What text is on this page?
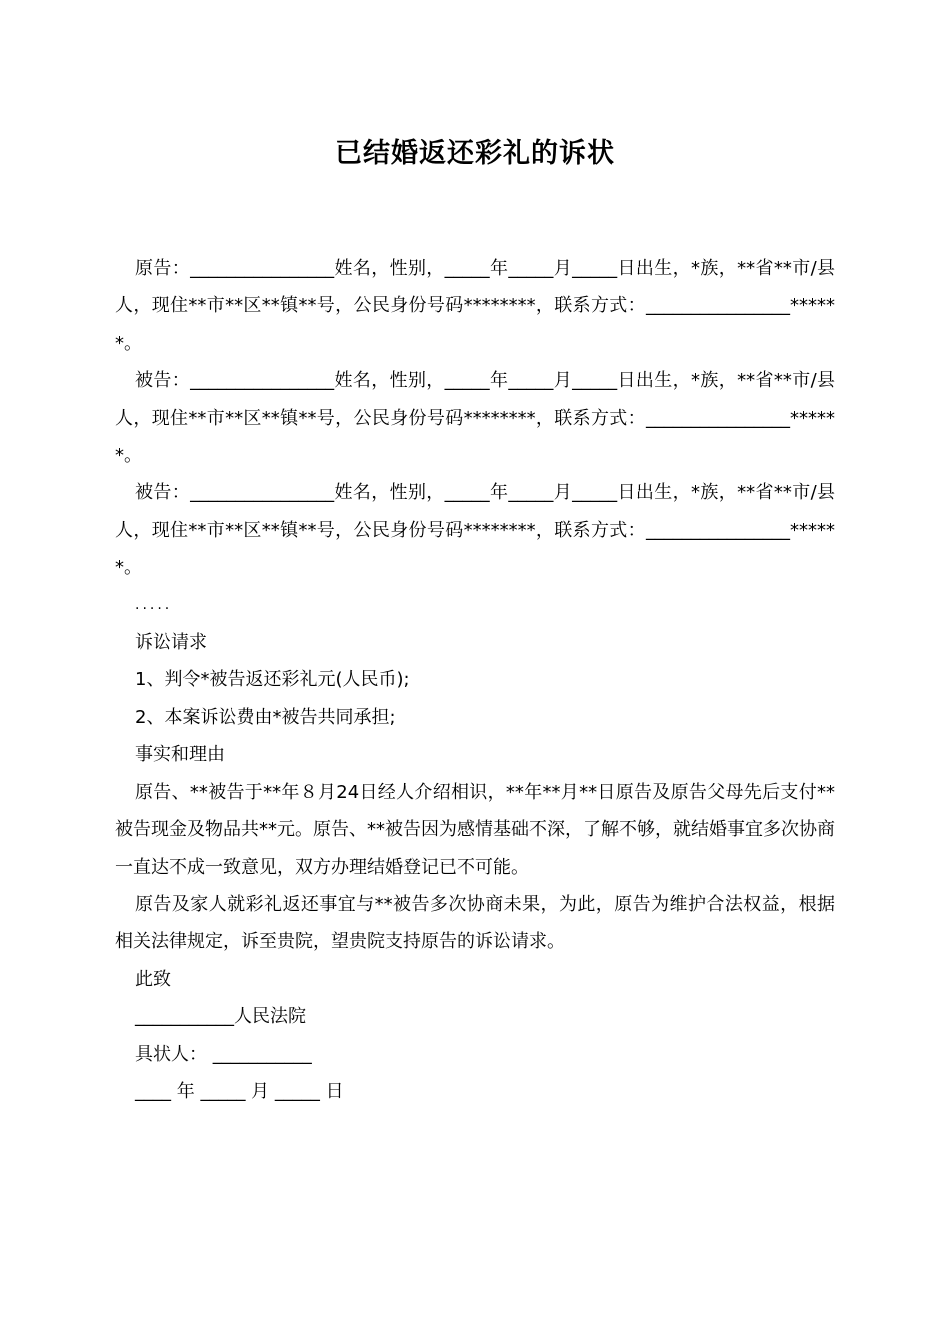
已结婚返还彩礼的诉状

原告：________________姓名，性别，_____年_____月_____日出生，*族，**省**市/县人，现住**市**区**镇**号，公民身份号码********，联系方式：________________******。

被告：________________姓名，性别，_____年_____月_____日出生，*族，**省**市/县人，现住**市**区**镇**号，公民身份号码********，联系方式：________________******。

被告：________________姓名，性别，_____年_____月_____日出生，*族，**省**市/县人，现住**市**区**镇**号，公民身份号码********，联系方式：________________******。

.....

诉讼请求

1、判令*被告返还彩礼元(人民币);

2、本案诉讼费由*被告共同承担;

事实和理由

原告、**被告于**年８月24日经人介绍相识，**年**月**日原告及原告父母先后支付**被告现金及物品共**元。原告、**被告因为感情基础不深，了解不够，就结婚事宜多次协商一直达不成一致意见，双方办理结婚登记已不可能。

原告及家人就彩礼返还事宜与**被告多次协商未果，为此，原告为维护合法权益，根据相关法律规定，诉至贵院，望贵院支持原告的诉讼请求。

此致

___________人民法院

具状人： ___________

____ 年 _____ 月 _____ 日
